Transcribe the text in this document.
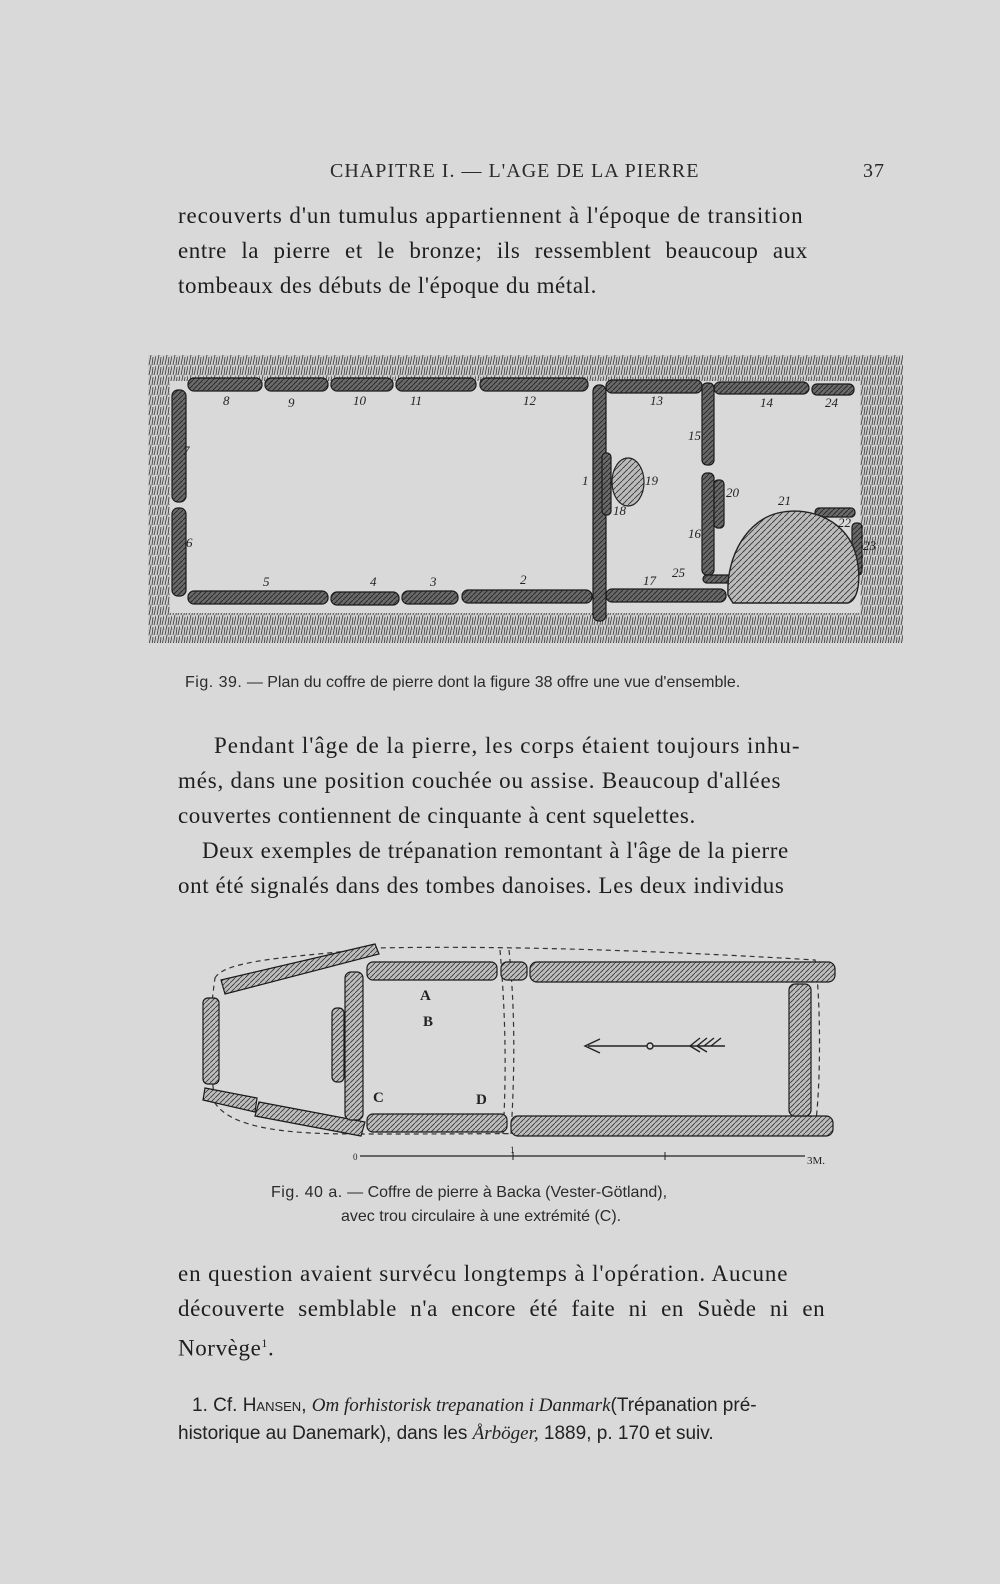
CHAPITRE I. — L'AGE DE LA PIERRE	37
recouverts d'un tumulus appartiennent à l'époque de transition
entre la pierre et le bronze; ils ressemblent beaucoup aux
tombeaux des débuts de l'époque du métal.
8	9	10	11	12	13	14	24
7
6
5	4	3	2
1
15
19
18
20
16
17
25
21
22
23
Fig. 39. — Plan du coffre de pierre dont la figure 38 offre une vue d'ensemble.
Pendant l'âge de la pierre, les corps étaient toujours inhu-
més, dans une position couchée ou assise. Beaucoup d'allées
couvertes contiennent de cinquante à cent squelettes.
Deux exemples de trépanation remontant à l'âge de la pierre
ont été signalés dans des tombes danoises. Les deux individus
A
B
C	D
0
1
3M.
Fig. 40 a. — Coffre de pierre à Backa (Vester-Götland),
avec trou circulaire à une extrémité (C).
en question avaient survécu longtemps à l'opération. Aucune
découverte semblable n'a encore été faite ni en Suède ni en
Norvège$^1$.
1. Cf. Hansen, Om forhistorisk trepanation i Danmark(Trépanation pré-
historique au Danemark), dans les Årböger, 1889, p. 170 et suiv.
